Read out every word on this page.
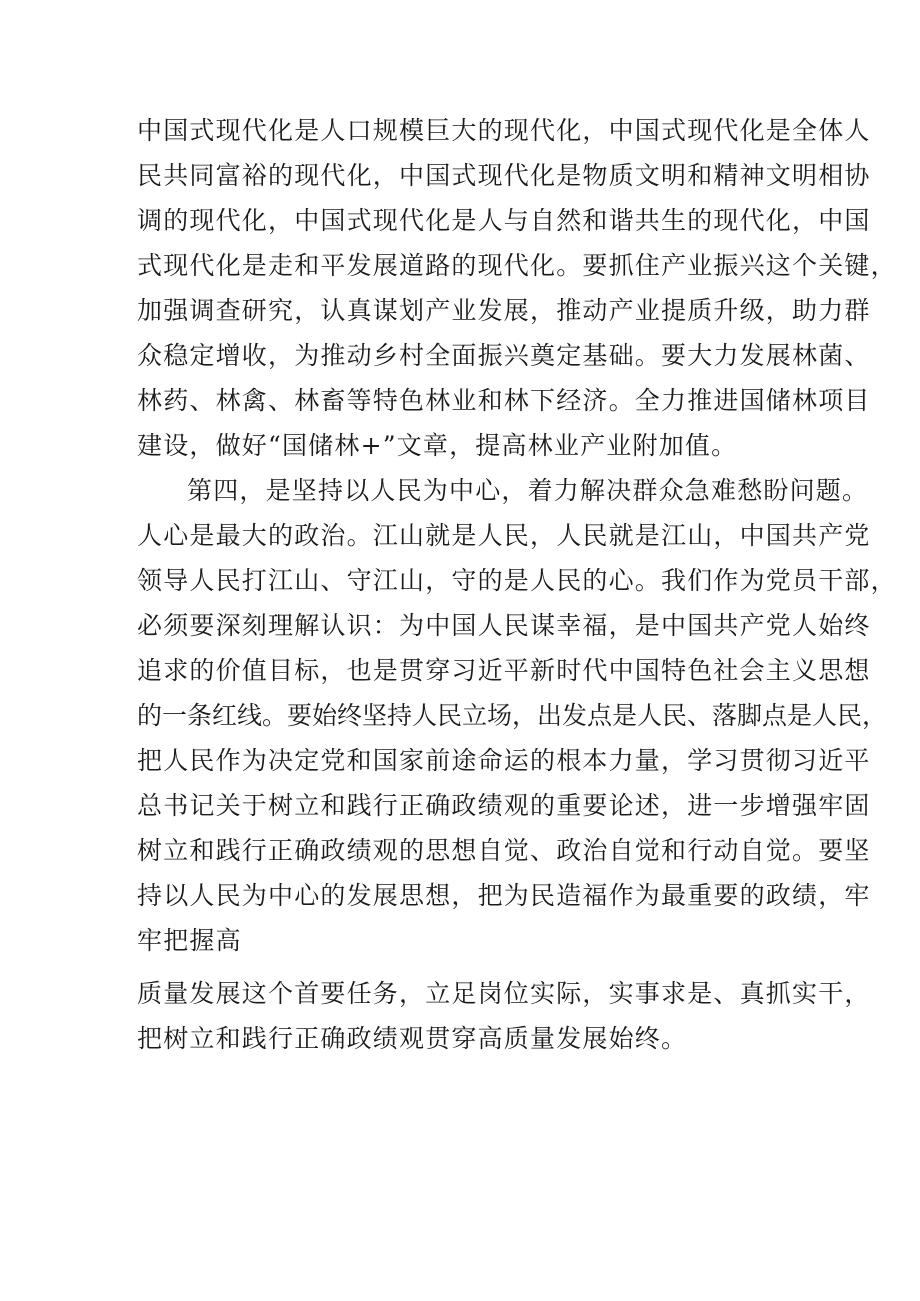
中国式现代化是人口规模巨大的现代化，中国式现代化是全体人
民共同富裕的现代化，中国式现代化是物质文明和精神文明相协
调的现代化，中国式现代化是人与自然和谐共生的现代化，中国
式现代化是走和平发展道路的现代化。要抓住产业振兴这个关键，
加强调查研究，认真谋划产业发展，推动产业提质升级，助力群
众稳定增收，为推动乡村全面振兴奠定基础。要大力发展林菌、
林药、林禽、林畜等特色林业和林下经济。全力推进国储林项目
建设，做好“国储林+”文章，提高林业产业附加值。
第四，是坚持以人民为中心，着力解决群众急难愁盼问题。
人心是最大的政治。江山就是人民，人民就是江山，中国共产党
领导人民打江山、守江山，守的是人民的心。我们作为党员干部，
必须要深刻理解认识：为中国人民谋幸福，是中国共产党人始终
追求的价值目标，也是贯穿习近平新时代中国特色社会主义思想
的一条红线。要始终坚持人民立场，出发点是人民、落脚点是人民，
把人民作为决定党和国家前途命运的根本力量，学习贯彻习近平
总书记关于树立和践行正确政绩观的重要论述，进一步增强牢固
树立和践行正确政绩观的思想自觉、政治自觉和行动自觉。要坚
持以人民为中心的发展思想，把为民造福作为最重要的政绩，牢
牢把握高
质量发展这个首要任务，立足岗位实际，实事求是、真抓实干，
把树立和践行正确政绩观贯穿高质量发展始终。
